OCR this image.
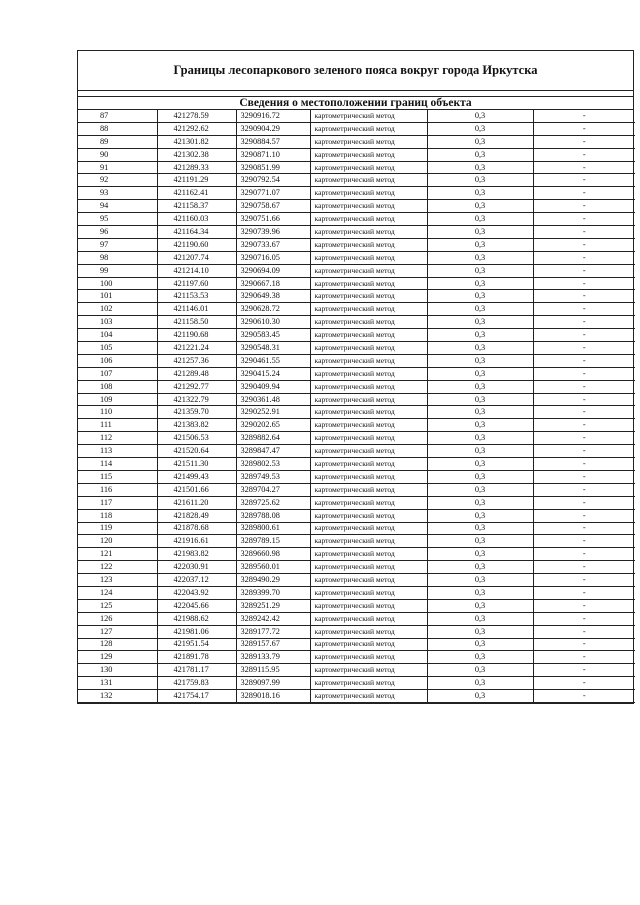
Границы лесопаркового зеленого пояса вокруг города Иркутска
Сведения о местоположении границ объекта
87	421278.59	3290916.72	картометрический метод	0,3	-
88	421292.62	3290904.29	картометрический метод	0,3	-
89	421301.82	3290884.57	картометрический метод	0,3	-
90	421302.38	3290871.10	картометрический метод	0,3	-
91	421289.33	3290851.99	картометрический метод	0,3	-
92	421191.29	3290792.54	картометрический метод	0,3	-
93	421162.41	3290771.07	картометрический метод	0,3	-
94	421158.37	3290758.67	картометрический метод	0,3	-
95	421160.03	3290751.66	картометрический метод	0,3	-
96	421164.34	3290739.96	картометрический метод	0,3	-
97	421190.60	3290733.67	картометрический метод	0,3	-
98	421207.74	3290716.05	картометрический метод	0,3	-
99	421214.10	3290694.09	картометрический метод	0,3	-
100	421197.60	3290667.18	картометрический метод	0,3	-
101	421153.53	3290649.38	картометрический метод	0,3	-
102	421146.01	3290628.72	картометрический метод	0,3	-
103	421158.50	3290610.30	картометрический метод	0,3	-
104	421190.68	3290583.45	картометрический метод	0,3	-
105	421221.24	3290548.31	картометрический метод	0,3	-
106	421257.36	3290461.55	картометрический метод	0,3	-
107	421289.48	3290415.24	картометрический метод	0,3	-
108	421292.77	3290409.94	картометрический метод	0,3	-
109	421322.79	3290361.48	картометрический метод	0,3	-
110	421359.70	3290252.91	картометрический метод	0,3	-
111	421383.82	3290202.65	картометрический метод	0,3	-
112	421506.53	3289882.64	картометрический метод	0,3	-
113	421520.64	3289847.47	картометрический метод	0,3	-
114	421511.30	3289802.53	картометрический метод	0,3	-
115	421499.43	3289749.53	картометрический метод	0,3	-
116	421501.66	3289704.27	картометрический метод	0,3	-
117	421611.20	3289725.62	картометрический метод	0,3	-
118	421828.49	3289788.08	картометрический метод	0,3	-
119	421878.68	3289800.61	картометрический метод	0,3	-
120	421916.61	3289789.15	картометрический метод	0,3	-
121	421983.82	3289660.98	картометрический метод	0,3	-
122	422030.91	3289560.01	картометрический метод	0,3	-
123	422037.12	3289490.29	картометрический метод	0,3	-
124	422043.92	3289399.70	картометрический метод	0,3	-
125	422045.66	3289251.29	картометрический метод	0,3	-
126	421988.62	3289242.42	картометрический метод	0,3	-
127	421981.06	3289177.72	картометрический метод	0,3	-
128	421951.54	3289157.67	картометрический метод	0,3	-
129	421891.78	3289133.79	картометрический метод	0,3	-
130	421781.17	3289115.95	картометрический метод	0,3	-
131	421759.83	3289097.99	картометрический метод	0,3	-
132	421754.17	3289018.16	картометрический метод	0,3	-
